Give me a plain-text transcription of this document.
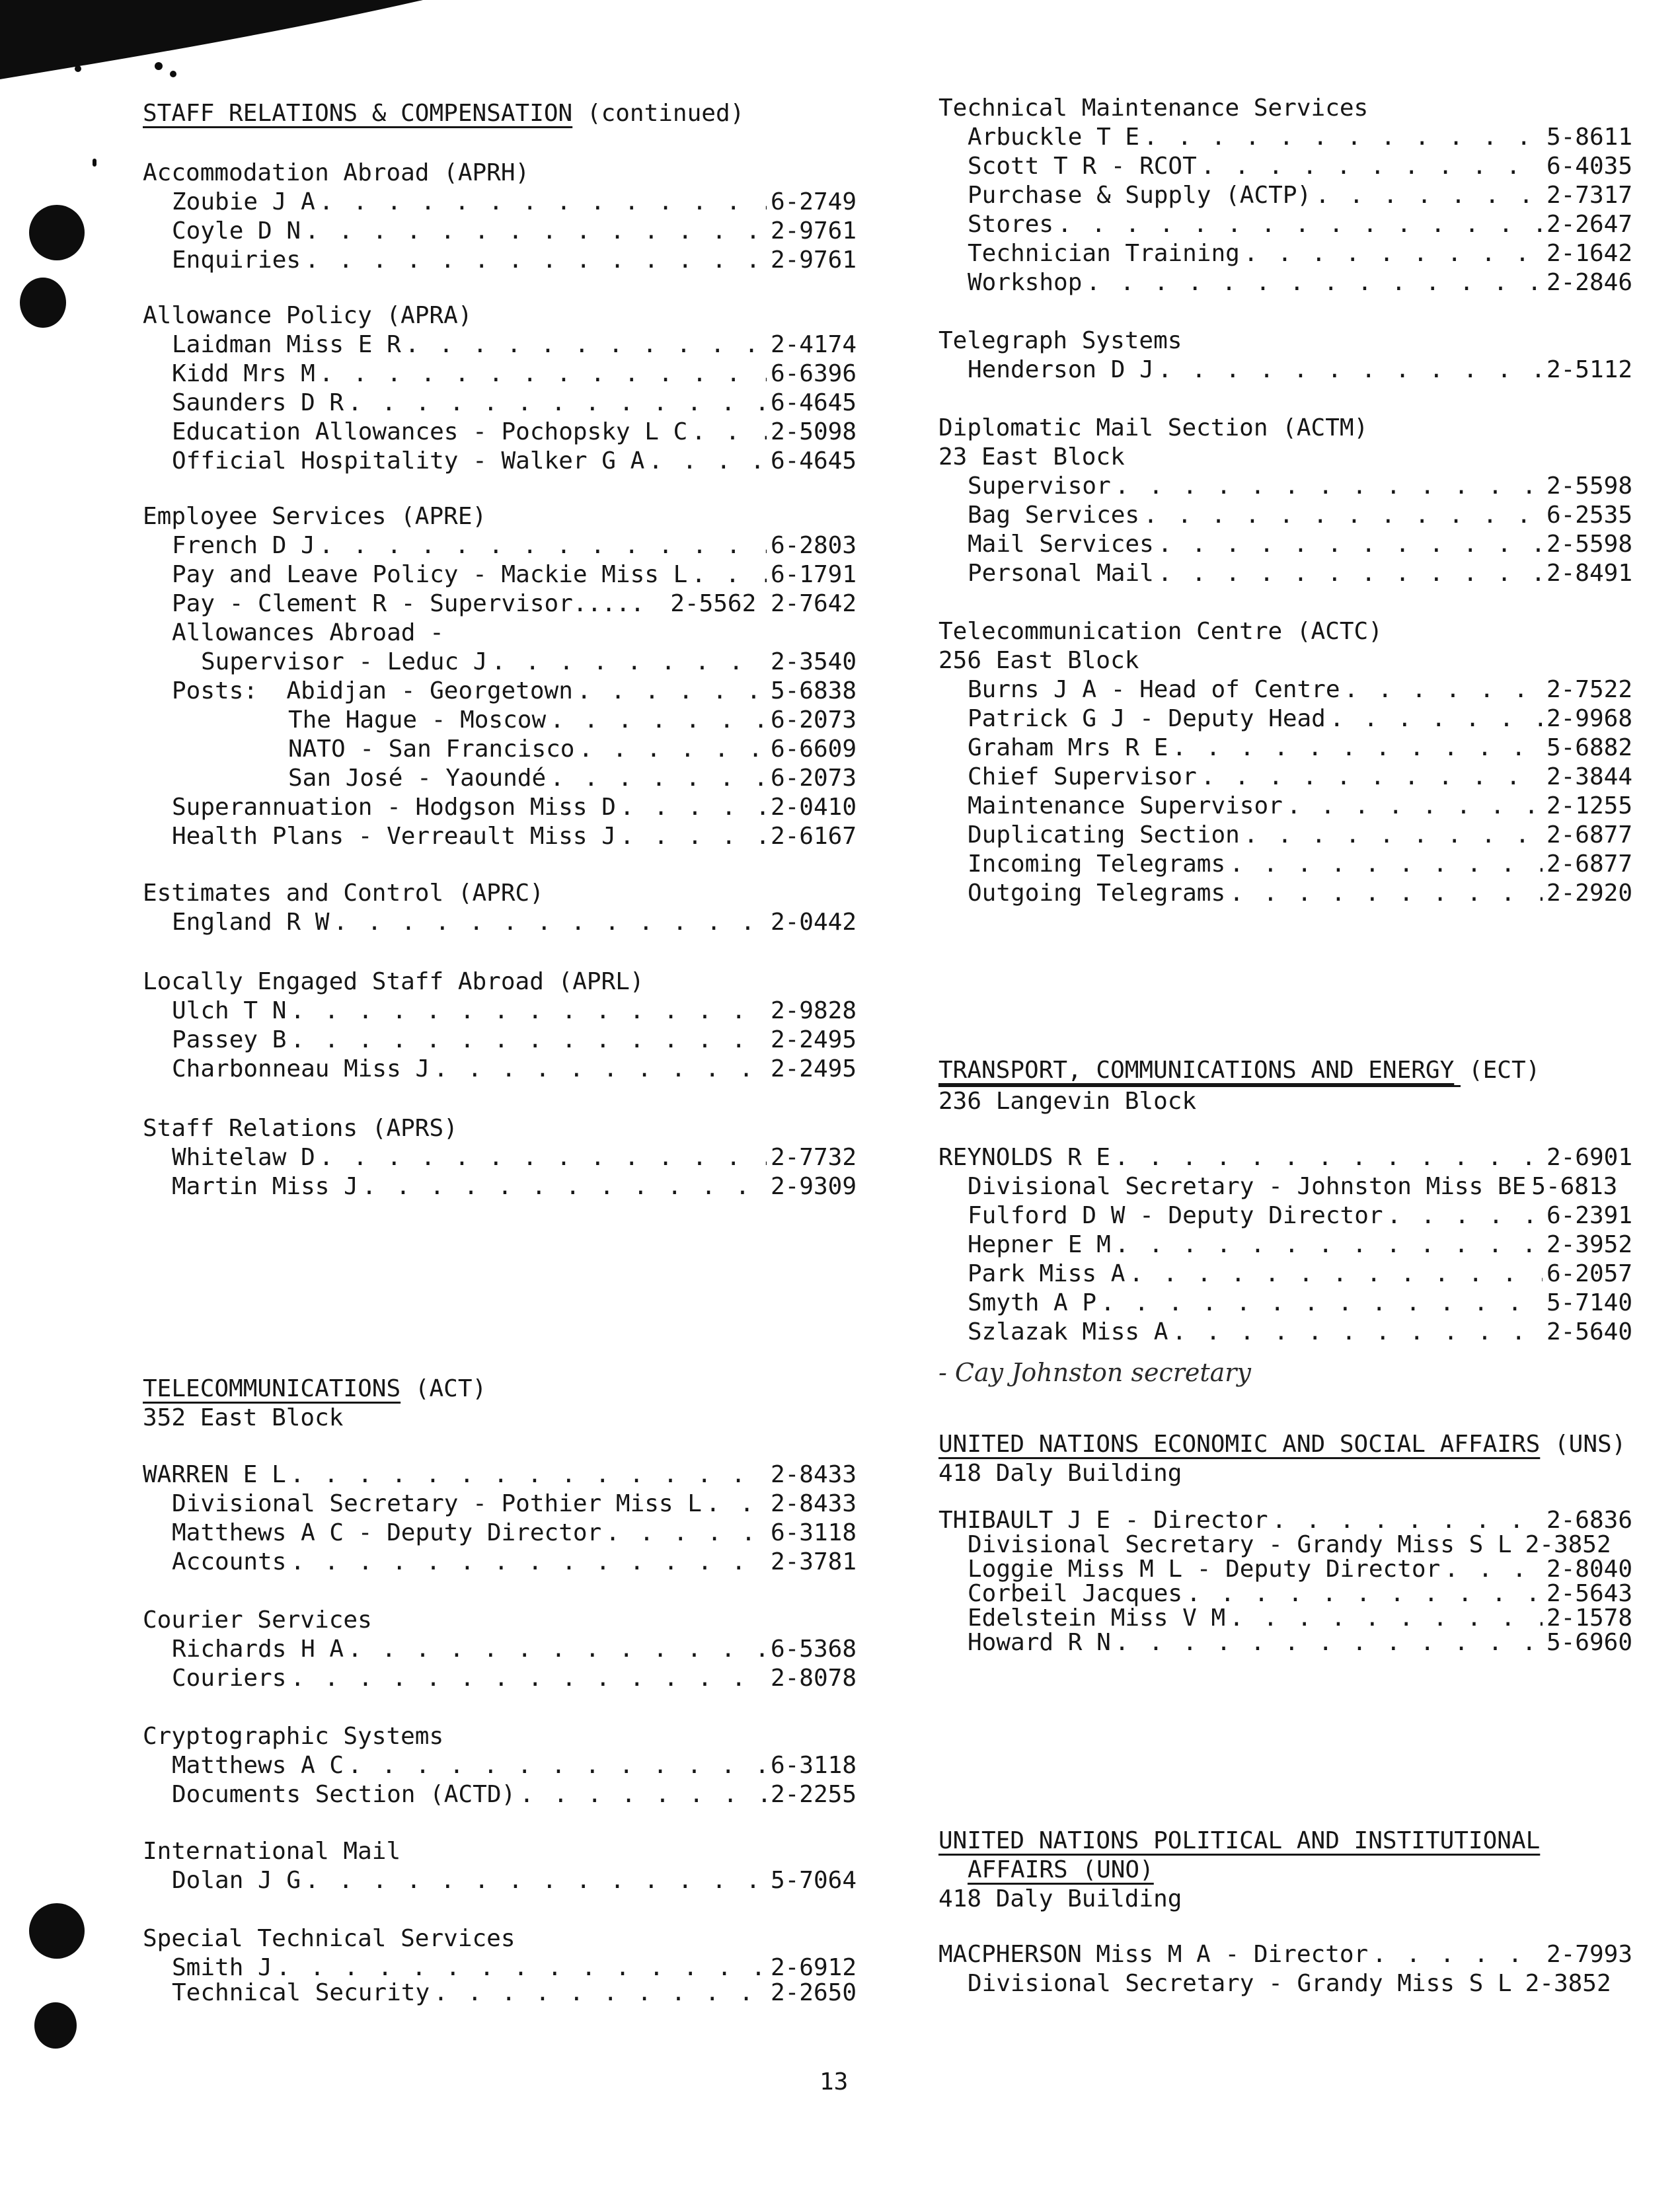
STAFF RELATIONS & COMPENSATION (continued)
Accommodation Abroad (APRH)
Zoubie J A . . .	6-2749
Coyle D N . . .	2-9761
Enquiries . . .	2-9761
Allowance Policy (APRA)
Laidman Miss E R . . .	2-4174
Kidd Mrs M . . .	6-6396
Saunders D R . . .	6-4645
Education Allowances - Pochopsky L C . . .	2-5098
Official Hospitality - Walker G A . . .	6-4645
Employee Services (APRE)
French D J . . .	6-2803
Pay and Leave Policy - Mackie Miss L . . .	6-1791
Pay - Clement R - Supervisor..... 2-5562 2-7642
Allowances Abroad -
Supervisor - Leduc J . . .	2-3540
Posts:  Abidjan - Georgetown . . .	5-6838
The Hague - Moscow . . .	6-2073
NATO - San Francisco . . .	6-6609
San José - Yaoundé . . .	6-2073
Superannuation - Hodgson Miss D . . .	2-0410
Health Plans - Verreault Miss J . . .	2-6167
Estimates and Control (APRC)
England R W . . .	2-0442
Locally Engaged Staff Abroad (APRL)
Ulch T N . . .	2-9828
Passey B . . .	2-2495
Charbonneau Miss J . . .	2-2495
Staff Relations (APRS)
Whitelaw D . . .	2-7732
Martin Miss J . . .	2-9309
TELECOMMUNICATIONS (ACT)
352 East Block
WARREN E L . . .	2-8433
Divisional Secretary - Pothier Miss L . . .	2-8433
Matthews A C - Deputy Director . . .	6-3118
Accounts . . .	2-3781
Courier Services
Richards H A . . .	6-5368
Couriers . . .	2-8078
Cryptographic Systems
Matthews A C . . .	6-3118
Documents Section (ACTD) . . .	2-2255
International Mail
Dolan J G . . .	5-7064
Special Technical Services
Smith J . . .	2-6912
Technical Security . . .	2-2650
Technical Maintenance Services
Arbuckle T E . . .	5-8611
Scott T R - RCOT . . .	6-4035
Purchase & Supply (ACTP) . . .	2-7317
Stores . . .	2-2647
Technician Training . . .	2-1642
Workshop . . .	2-2846
Telegraph Systems
Henderson D J . . .	2-5112
Diplomatic Mail Section (ACTM)
23 East Block
Supervisor . . .	2-5598
Bag Services . . .	6-2535
Mail Services . . .	2-5598
Personal Mail . . .	2-8491
Telecommunication Centre (ACTC)
256 East Block
Burns J A - Head of Centre . . .	2-7522
Patrick G J - Deputy Head . . .	2-9968
Graham Mrs R E . . .	5-6882
Chief Supervisor . . .	2-3844
Maintenance Supervisor . . .	2-1255
Duplicating Section . . .	2-6877
Incoming Telegrams . . .	2-6877
Outgoing Telegrams . . .	2-2920
TRANSPORT, COMMUNICATIONS AND ENERGY (ECT)
236 Langevin Block
REYNOLDS R E . . .	2-6901
Divisional Secretary - Johnston Miss BE 5-6813
Fulford D W - Deputy Director . . .	6-2391
Hepner E M . . .	2-3952
Park Miss A . . .	6-2057
Smyth A P . . .	5-7140
Szlazak Miss A . . .	2-5640
UNITED NATIONS ECONOMIC AND SOCIAL AFFAIRS (UNS)
418 Daly Building
THIBAULT J E - Director . . .	2-6836
Divisional Secretary - Grandy Miss S L 2-3852
Loggie Miss M L - Deputy Director . . .	2-8040
Corbeil Jacques . . .	2-5643
Edelstein Miss V M . . .	2-1578
Howard R N . . .	5-6960
UNITED NATIONS POLITICAL AND INSTITUTIONAL
AFFAIRS (UNO)
418 Daly Building
MACPHERSON Miss M A - Director . . .	2-7993
Divisional Secretary - Grandy Miss S L 2-3852
- Cay Johnston secretary
13
